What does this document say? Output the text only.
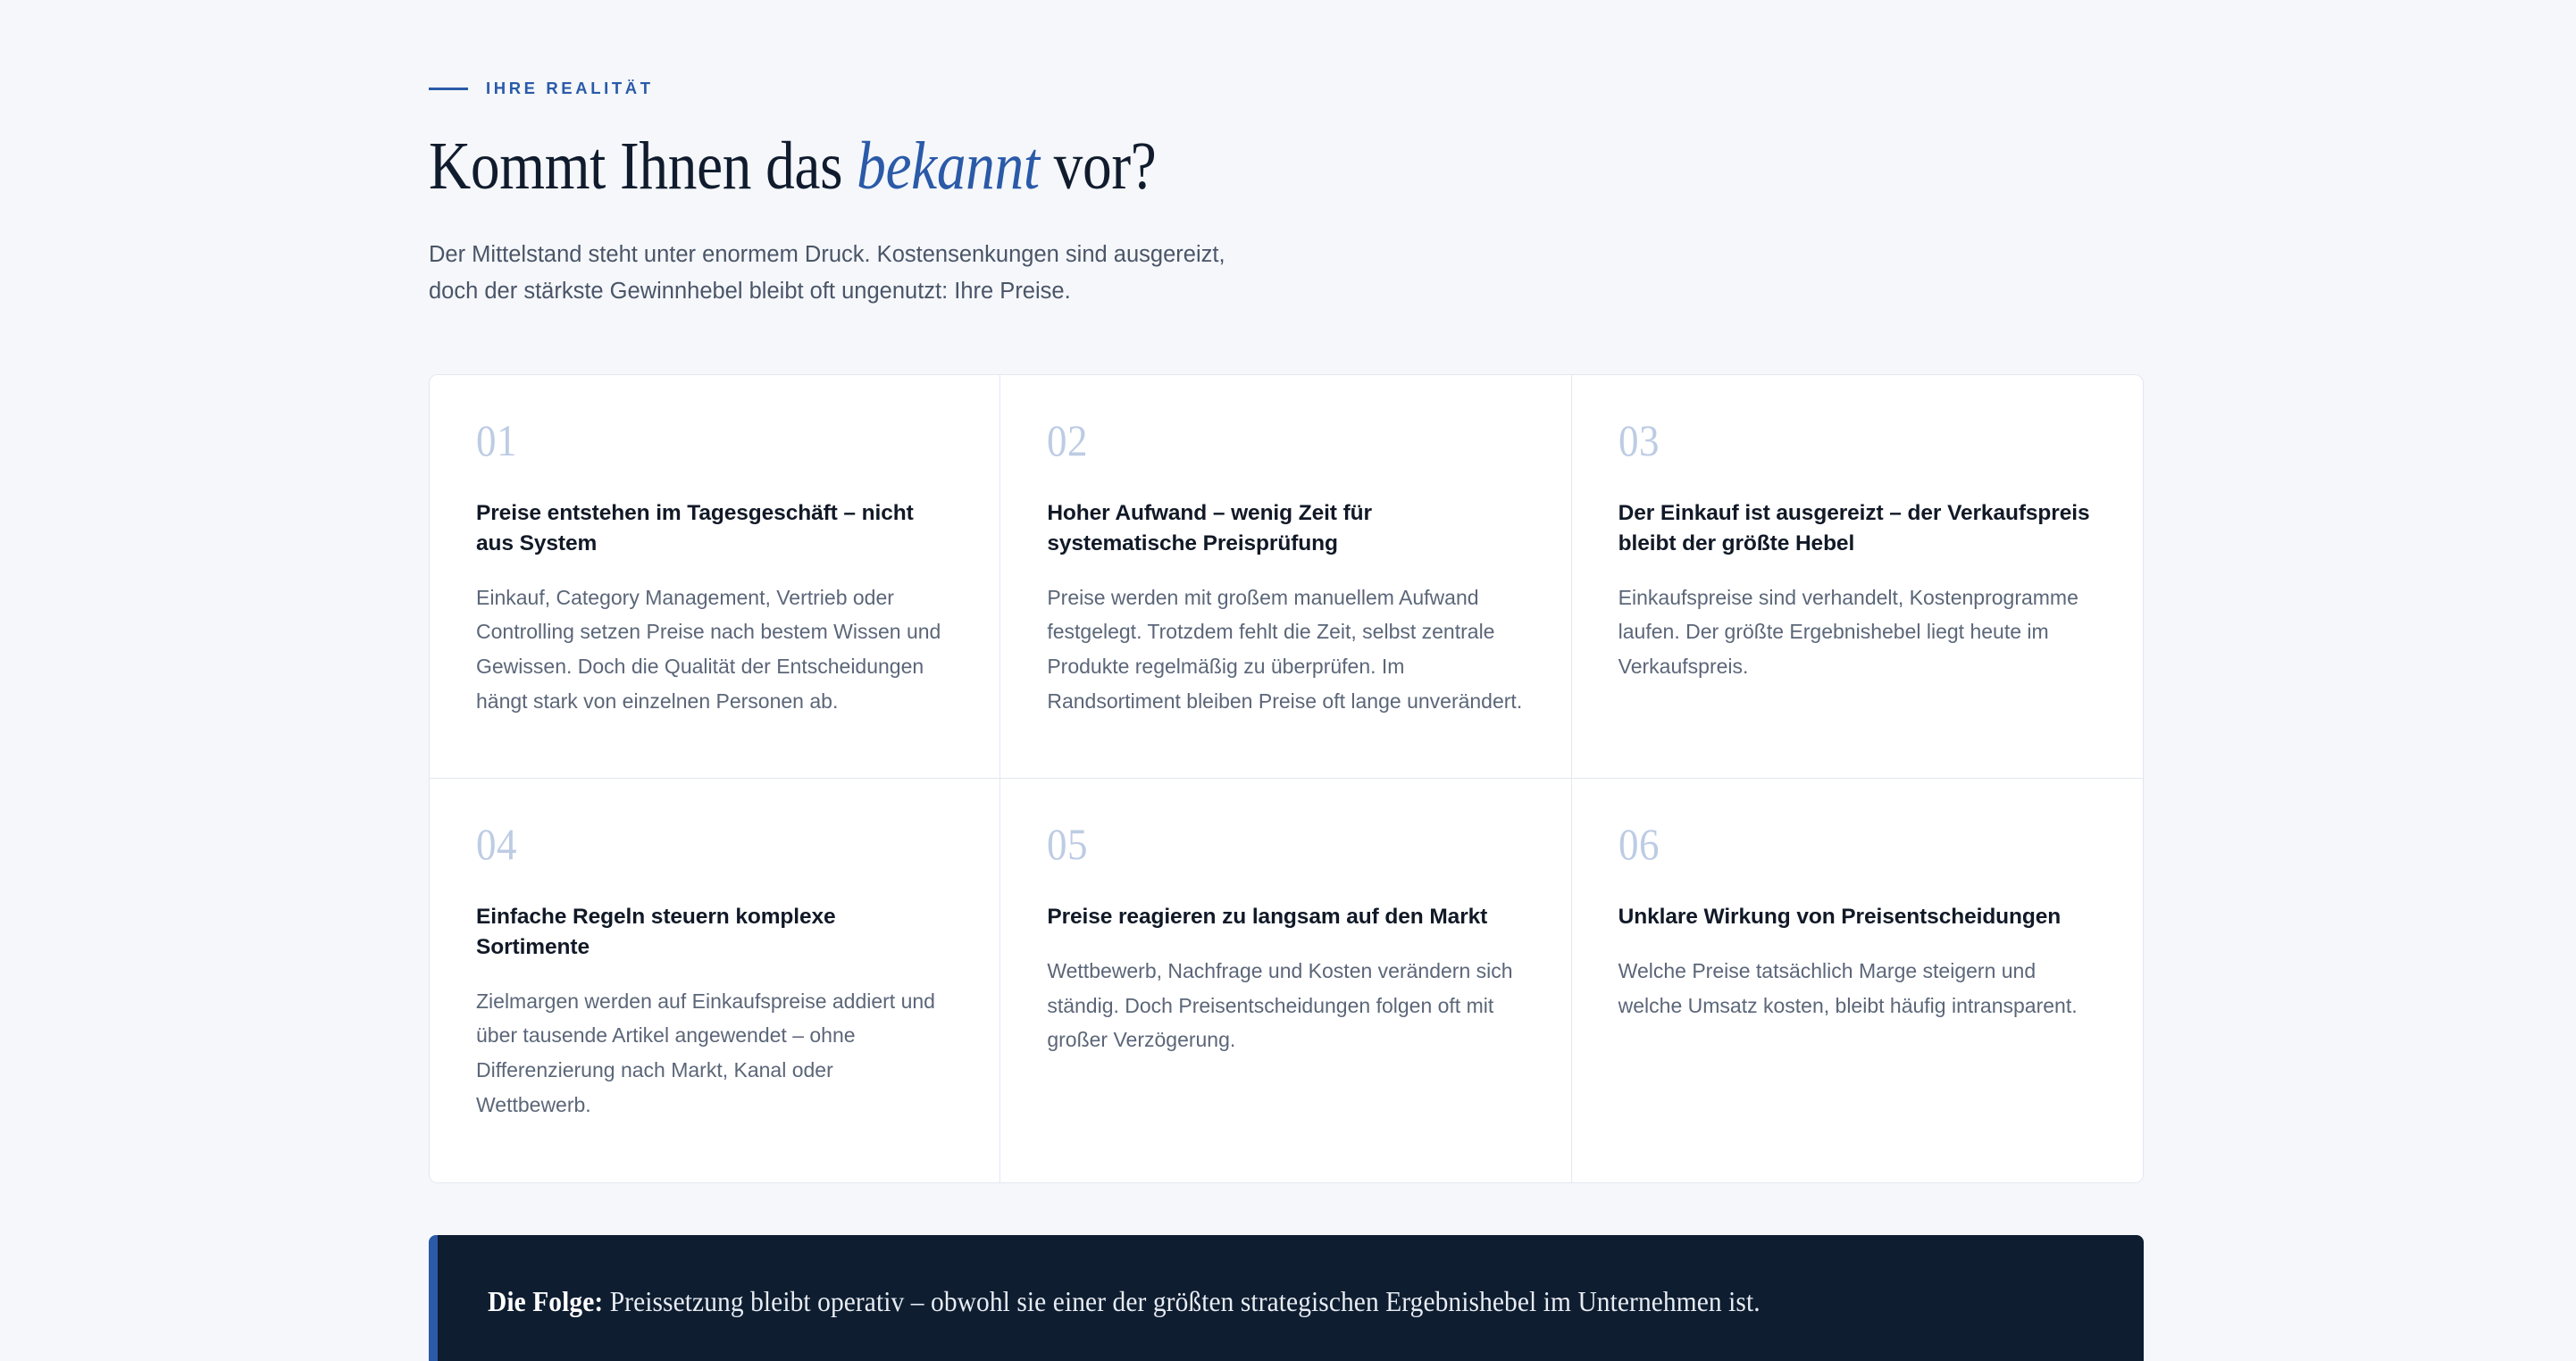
IHRE REALITÄT
Kommt Ihnen das bekannt vor?

Der Mittelstand steht unter enormem Druck. Kostensenkungen sind ausgereizt,
doch der stärkste Gewinnhebel bleibt oft ungenutzt: Ihre Preise.

01
Preise entstehen im Tagesgeschäft – nicht aus System
Einkauf, Category Management, Vertrieb oder Controlling setzen Preise nach bestem Wissen und Gewissen. Doch die Qualität der Entscheidungen hängt stark von einzelnen Personen ab.
02
Hoher Aufwand – wenig Zeit für systematische Preisprüfung
Preise werden mit großem manuellem Aufwand festgelegt. Trotzdem fehlt die Zeit, selbst zentrale Produkte regelmäßig zu überprüfen. Im Randsortiment bleiben Preise oft lange unverändert.
03
Der Einkauf ist ausgereizt – der Verkaufspreis bleibt der größte Hebel
Einkaufspreise sind verhandelt, Kostenprogramme laufen. Der größte Ergebnishebel liegt heute im Verkaufspreis.
04
Einfache Regeln steuern komplexe Sortimente
Zielmargen werden auf Einkaufspreise addiert und über tausende Artikel angewendet – ohne Differenzierung nach Markt, Kanal oder Wettbewerb.
05
Preise reagieren zu langsam auf den Markt
Wettbewerb, Nachfrage und Kosten verändern sich ständig. Doch Preisentscheidungen folgen oft mit großer Verzögerung.
06
Unklare Wirkung von Preisentscheidungen
Welche Preise tatsächlich Marge steigern und welche Umsatz kosten, bleibt häufig intransparent.
Die Folge: Preissetzung bleibt operativ – obwohl sie einer der größten strategischen Ergebnishebel im Unternehmen ist.
